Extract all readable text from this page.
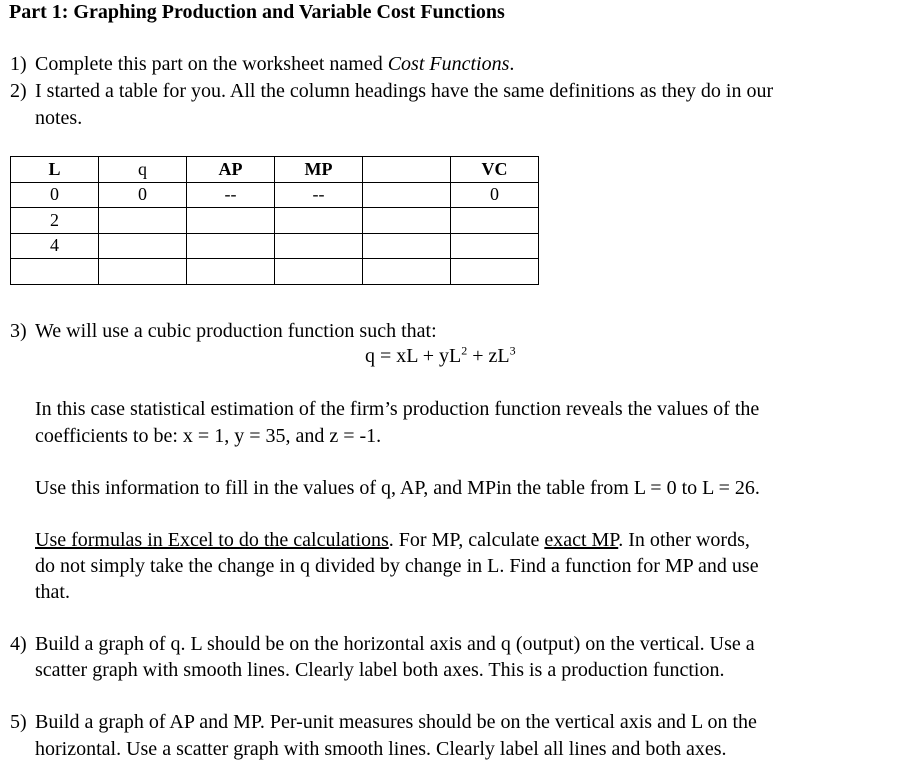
Part 1: Graphing Production and Variable Cost Functions
1) Complete this part on the worksheet named Cost Functions.
2) I started a table for you. All the column headings have the same definitions as they do in our
notes.
L	q	AP	MP		VC
0	0	--	--		0
2					
4					

3) We will use a cubic production function such that:
q = xL + $yL^2 + zL^3$
In this case statistical estimation of the firm’s production function reveals the values of the
coefficients to be: x = 1, y = 35, and z = -1.
Use this information to fill in the values of q, AP, and MPin the table from L = 0 to L = 26.
Use formulas in Excel to do the calculations. For MP, calculate exact MP. In other words,
do not simply take the change in q divided by change in L. Find a function for MP and use
that.
4) Build a graph of q. L should be on the horizontal axis and q (output) on the vertical. Use a
scatter graph with smooth lines. Clearly label both axes. This is a production function.
5) Build a graph of AP and MP. Per-unit measures should be on the vertical axis and L on the
horizontal. Use a scatter graph with smooth lines. Clearly label all lines and both axes.
